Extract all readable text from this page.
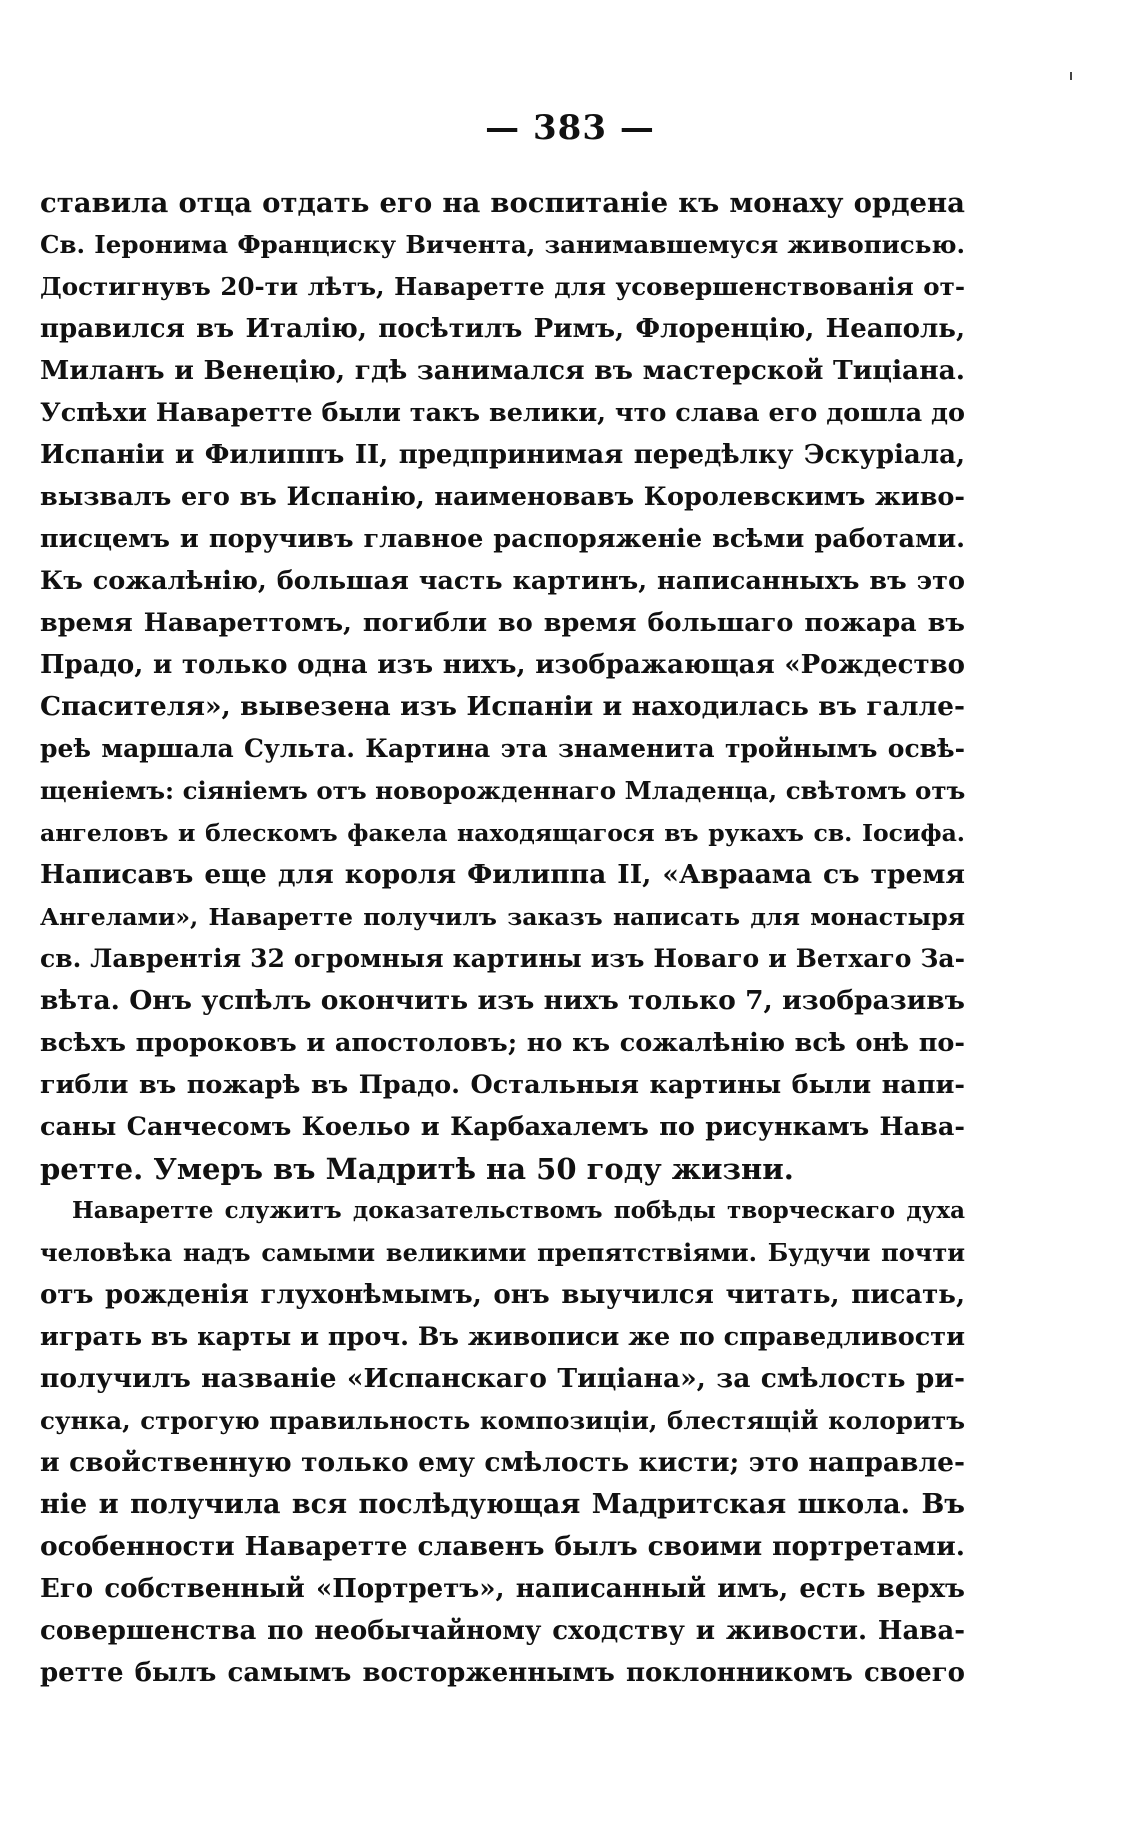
— 383 —
ставила отца отдать его на воспитаніе къ монаху ордена
Св. Іеронима Франциску Вичента, занимавшемуся живописью.
Достигнувъ 20-ти лѣтъ, Наваретте для усовершенствованія от-
правился въ Италію, посѣтилъ Римъ, Флоренцію, Неаполь,
Миланъ и Венецію, гдѣ занимался въ мастерской Тиціана.
Успѣхи Наваретте были такъ велики, что слава его дошла до
Испаніи и Филиппъ II, предпринимая передѣлку Эскуріала,
вызвалъ его въ Испанію, наименовавъ Королевскимъ живо-
писцемъ и поручивъ главное распоряженіе всѣми работами.
Къ сожалѣнію, большая часть картинъ, написанныхъ въ это
время Навареттомъ, погибли во время большаго пожара въ
Прадо, и только одна изъ нихъ, изображающая «Рождество
Спасителя», вывезена изъ Испаніи и находилась въ галле-
реѣ маршала Сульта. Картина эта знаменита тройнымъ освѣ-
щеніемъ: сіяніемъ отъ новорожденнаго Младенца, свѣтомъ отъ
ангеловъ и блескомъ факела находящагося въ рукахъ св. Іосифа.
Написавъ еще для короля Филиппа II, «Авраама съ тремя
Ангелами», Наваретте получилъ заказъ написать для монастыря
св. Лаврентія 32 огромныя картины изъ Новаго и Ветхаго За-
вѣта. Онъ успѣлъ окончить изъ нихъ только 7, изобразивъ
всѣхъ пророковъ и апостоловъ; но къ сожалѣнію всѣ онѣ по-
гибли въ пожарѣ въ Прадо. Остальныя картины были напи-
саны Санчесомъ Коельо и Карбахалемъ по рисункамъ Нава-
ретте. Умеръ въ Мадритѣ на 50 году жизни.
Наваретте служитъ доказательствомъ побѣды творческаго духа
человѣка надъ самыми великими препятствіями. Будучи почти
отъ рожденія глухонѣмымъ, онъ выучился читать, писать,
играть въ карты и проч. Въ живописи же по справедливости
получилъ названіе «Испанскаго Тиціана», за смѣлость ри-
сунка, строгую правильность композиціи, блестящій колоритъ
и свойственную только ему смѣлость кисти; это направле-
ніе и получила вся послѣдующая Мадритская школа. Въ
особенности Наваретте славенъ былъ своими портретами.
Его собственный «Портретъ», написанный имъ, есть верхъ
совершенства по необычайному сходству и живости. Нава-
ретте былъ самымъ восторженнымъ поклонникомъ своего
